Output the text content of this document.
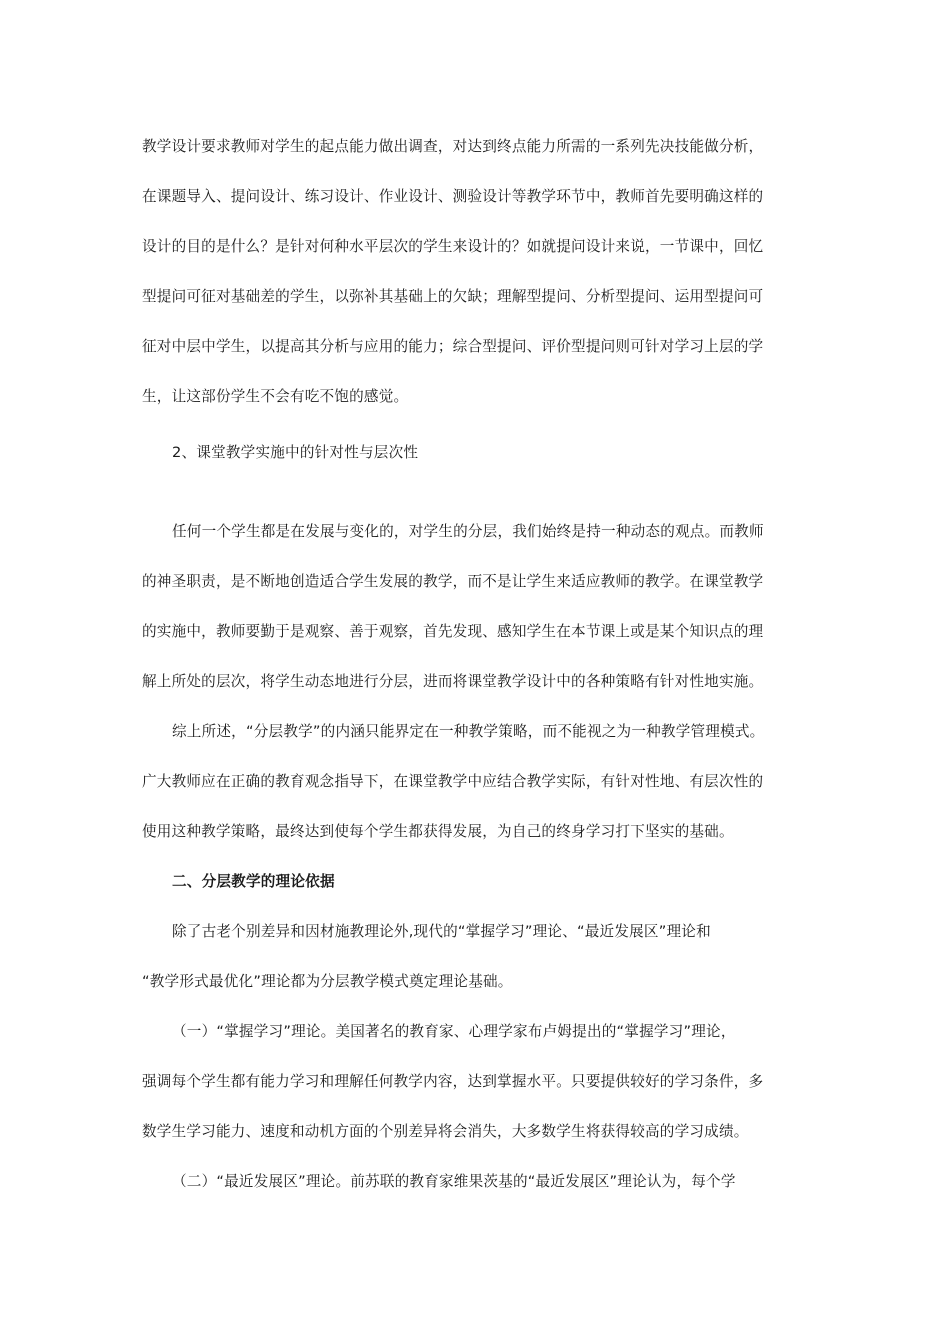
教学设计要求教师对学生的起点能力做出调查，对达到终点能力所需的一系列先决技能做分析，
在课题导入、提问设计、练习设计、作业设计、测验设计等教学环节中，教师首先要明确这样的
设计的目的是什么？是针对何种水平层次的学生来设计的？如就提问设计来说，一节课中，回忆
型提问可征对基础差的学生，以弥补其基础上的欠缺；理解型提问、分析型提问、运用型提问可
征对中层中学生，以提高其分析与应用的能力；综合型提问、评价型提问则可针对学习上层的学
生，让这部份学生不会有吃不饱的感觉。
2、课堂教学实施中的针对性与层次性
任何一个学生都是在发展与变化的，对学生的分层，我们始终是持一种动态的观点。而教师
的神圣职责，是不断地创造适合学生发展的教学，而不是让学生来适应教师的教学。在课堂教学
的实施中，教师要勤于是观察、善于观察，首先发现、感知学生在本节课上或是某个知识点的理
解上所处的层次，将学生动态地进行分层，进而将课堂教学设计中的各种策略有针对性地实施。
综上所述，“分层教学”的内涵只能界定在一种教学策略，而不能视之为一种教学管理模式。
广大教师应在正确的教育观念指导下，在课堂教学中应结合教学实际，有针对性地、有层次性的
使用这种教学策略，最终达到使每个学生都获得发展，为自己的终身学习打下坚实的基础。
二、分层教学的理论依据
除了古老个别差异和因材施教理论外,现代的“掌握学习”理论、“最近发展区”理论和
“教学形式最优化”理论都为分层教学模式奠定理论基础。
（一）“掌握学习”理论。美国著名的教育家、心理学家布卢姆提出的“掌握学习”理论，
强调每个学生都有能力学习和理解任何教学内容，达到掌握水平。只要提供较好的学习条件，多
数学生学习能力、速度和动机方面的个别差异将会消失，大多数学生将获得较高的学习成绩。
（二）“最近发展区”理论。前苏联的教育家维果茨基的“最近发展区”理论认为，每个学
